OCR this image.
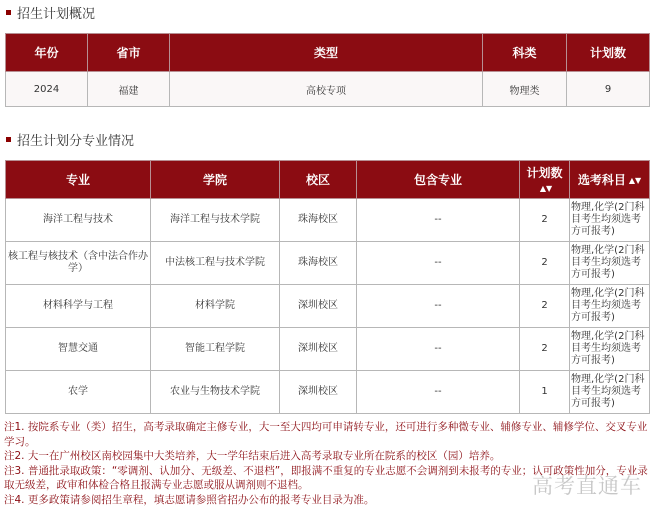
招生计划概况
年份	省市	类型	科类	计划数
2024	福建	高校专项	物理类	9
招生计划分专业情况
专业	学院	校区	包含专业	计划数▲▼	选考科目 ▲▼
海洋工程与技术	海洋工程与技术学院	珠海校区	--	2	物理,化学(2门科目考生均须选考方可报考)
核工程与核技术（含中法合作办学）	中法核工程与技术学院	珠海校区	--	2	物理,化学(2门科目考生均须选考方可报考)
材料科学与工程	材料学院	深圳校区	--	2	物理,化学(2门科目考生均须选考方可报考)
智慧交通	智能工程学院	深圳校区	--	2	物理,化学(2门科目考生均须选考方可报考)
农学	农业与生物技术学院	深圳校区	--	1	物理,化学(2门科目考生均须选考方可报考)

注1. 按院系专业（类）招生，高考录取确定主修专业，大一至大四均可申请转专业，还可进行多种微专业、辅修专业、辅修学位、交叉专业学习。

注2. 大一在广州校区南校园集中大类培养，大一学年结束后进入高考录取专业所在院系的校区（园）培养。

注3. 普通批录取政策：“零调剂、认加分、无级差、不退档”，即报满不重复的专业志愿不会调剂到未报考的专业；认可政策性加分，专业录取无级差，政审和体检合格且报满专业志愿或服从调剂则不退档。

注4. 更多政策请参阅招生章程，填志愿请参照省招办公布的报考专业目录为准。

高考直通车
